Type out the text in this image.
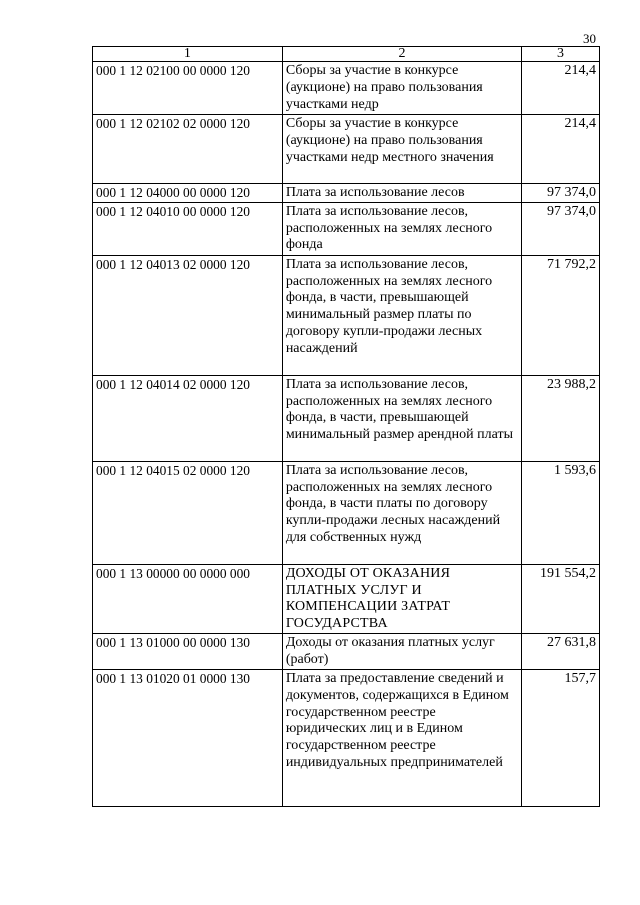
30
1	2	3
000 1 12 02100 00 0000 120	Сборы за участие в конкурсе (аукционе) на право пользования участками недр	214,4
000 1 12 02102 02 0000 120	Сборы за участие в конкурсе (аукционе) на право пользования участками недр местного значения	214,4
000 1 12 04000 00 0000 120	Плата за использование лесов	97 374,0
000 1 12 04010 00 0000 120	Плата за использование лесов, расположенных на землях лесного фонда	97 374,0
000 1 12 04013 02 0000 120	Плата за использование лесов, расположенных на землях лесного фонда, в части, превышающей минимальный размер платы по договору купли-продажи лесных насаждений	71 792,2
000 1 12 04014 02 0000 120	Плата за использование лесов, расположенных на землях лесного фонда, в части, превышающей минимальный размер арендной платы	23 988,2
000 1 12 04015 02 0000 120	Плата за использование лесов, расположенных на землях лесного фонда, в части платы по договору купли-продажи лесных насаждений для собственных нужд	1 593,6
000 1 13 00000 00 0000 000	ДОХОДЫ ОТ ОКАЗАНИЯ ПЛАТНЫХ УСЛУГ И КОМПЕНСАЦИИ ЗАТРАТ ГОСУДАРСТВА	191 554,2
000 1 13 01000 00 0000 130	Доходы от оказания платных услуг (работ)	27 631,8
000 1 13 01020 01 0000 130	Плата за предоставление сведений и документов, содержащихся в Едином государственном реестре юридических лиц и в Едином государственном реестре индивидуальных предпринимателей	157,7
